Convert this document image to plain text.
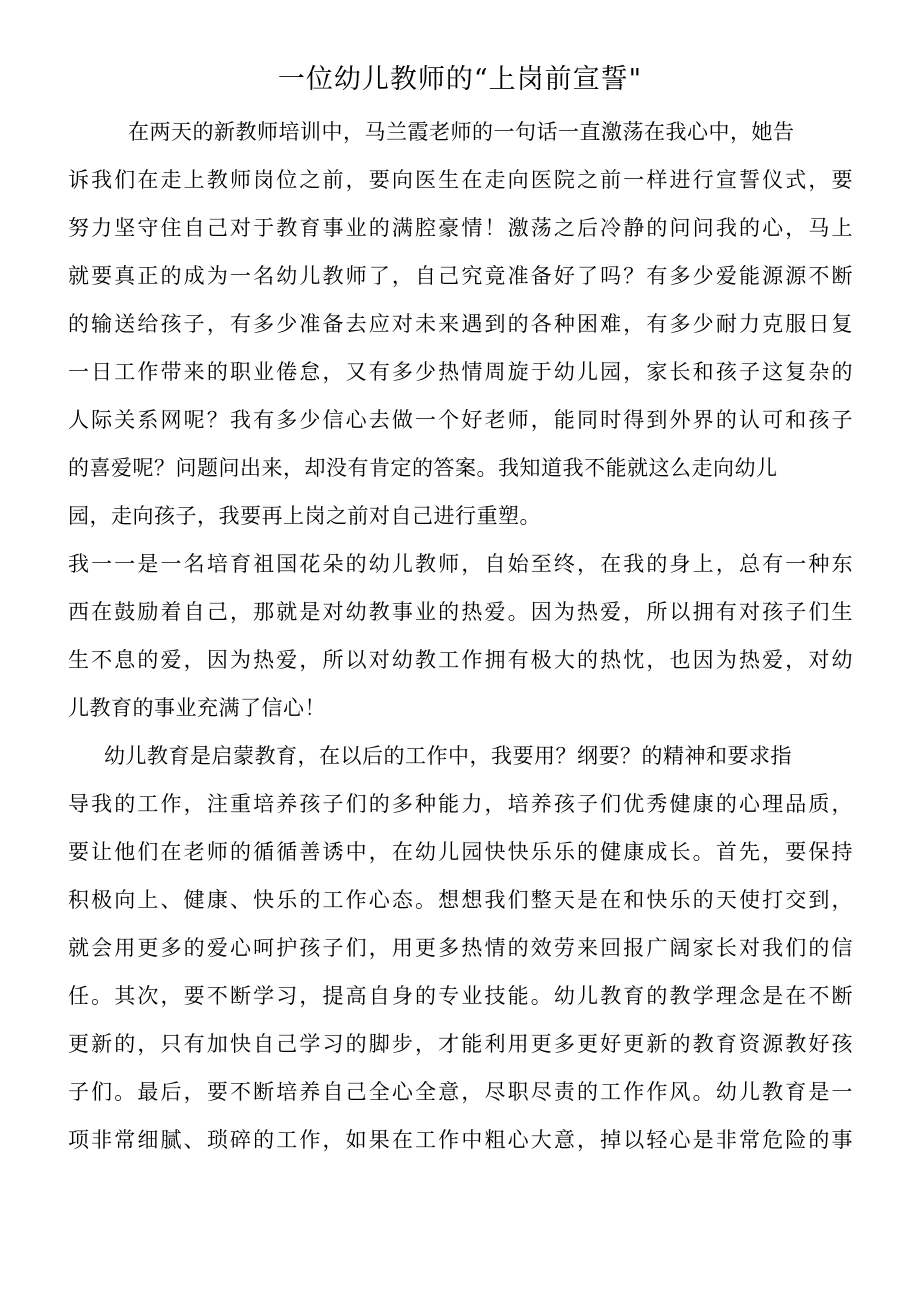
一位幼儿教师的“上岗前宣誓"
在两天的新教师培训中，马兰霞老师的一句话一直激荡在我心中，她告
诉我们在走上教师岗位之前，要向医生在走向医院之前一样进行宣誓仪式，要
努力坚守住自己对于教育事业的满腔豪情！激荡之后冷静的问问我的心，马上
就要真正的成为一名幼儿教师了，自己究竟准备好了吗？有多少爱能源源不断
的输送给孩子，有多少准备去应对未来遇到的各种困难，有多少耐力克服日复
一日工作带来的职业倦怠，又有多少热情周旋于幼儿园，家长和孩子这复杂的
人际关系网呢？我有多少信心去做一个好老师，能同时得到外界的认可和孩子
的喜爱呢？问题问出来，却没有肯定的答案。我知道我不能就这么走向幼儿
园，走向孩子，我要再上岗之前对自己进行重塑。
我一一是一名培育祖国花朵的幼儿教师，自始至终，在我的身上，总有一种东
西在鼓励着自己，那就是对幼教事业的热爱。因为热爱，所以拥有对孩子们生
生不息的爱，因为热爱，所以对幼教工作拥有极大的热忱，也因为热爱，对幼
儿教育的事业充满了信心！
幼儿教育是启蒙教育，在以后的工作中，我要用？纲要？的精神和要求指
导我的工作，注重培养孩子们的多种能力，培养孩子们优秀健康的心理品质，
要让他们在老师的循循善诱中，在幼儿园快快乐乐的健康成长。首先，要保持
积极向上、健康、快乐的工作心态。想想我们整天是在和快乐的天使打交到，
就会用更多的爱心呵护孩子们，用更多热情的效劳来回报广阔家长对我们的信
任。其次，要不断学习，提高自身的专业技能。幼儿教育的教学理念是在不断
更新的，只有加快自己学习的脚步，才能利用更多更好更新的教育资源教好孩
子们。最后，要不断培养自己全心全意，尽职尽责的工作作风。幼儿教育是一
项非常细腻、琐碎的工作，如果在工作中粗心大意，掉以轻心是非常危险的事
